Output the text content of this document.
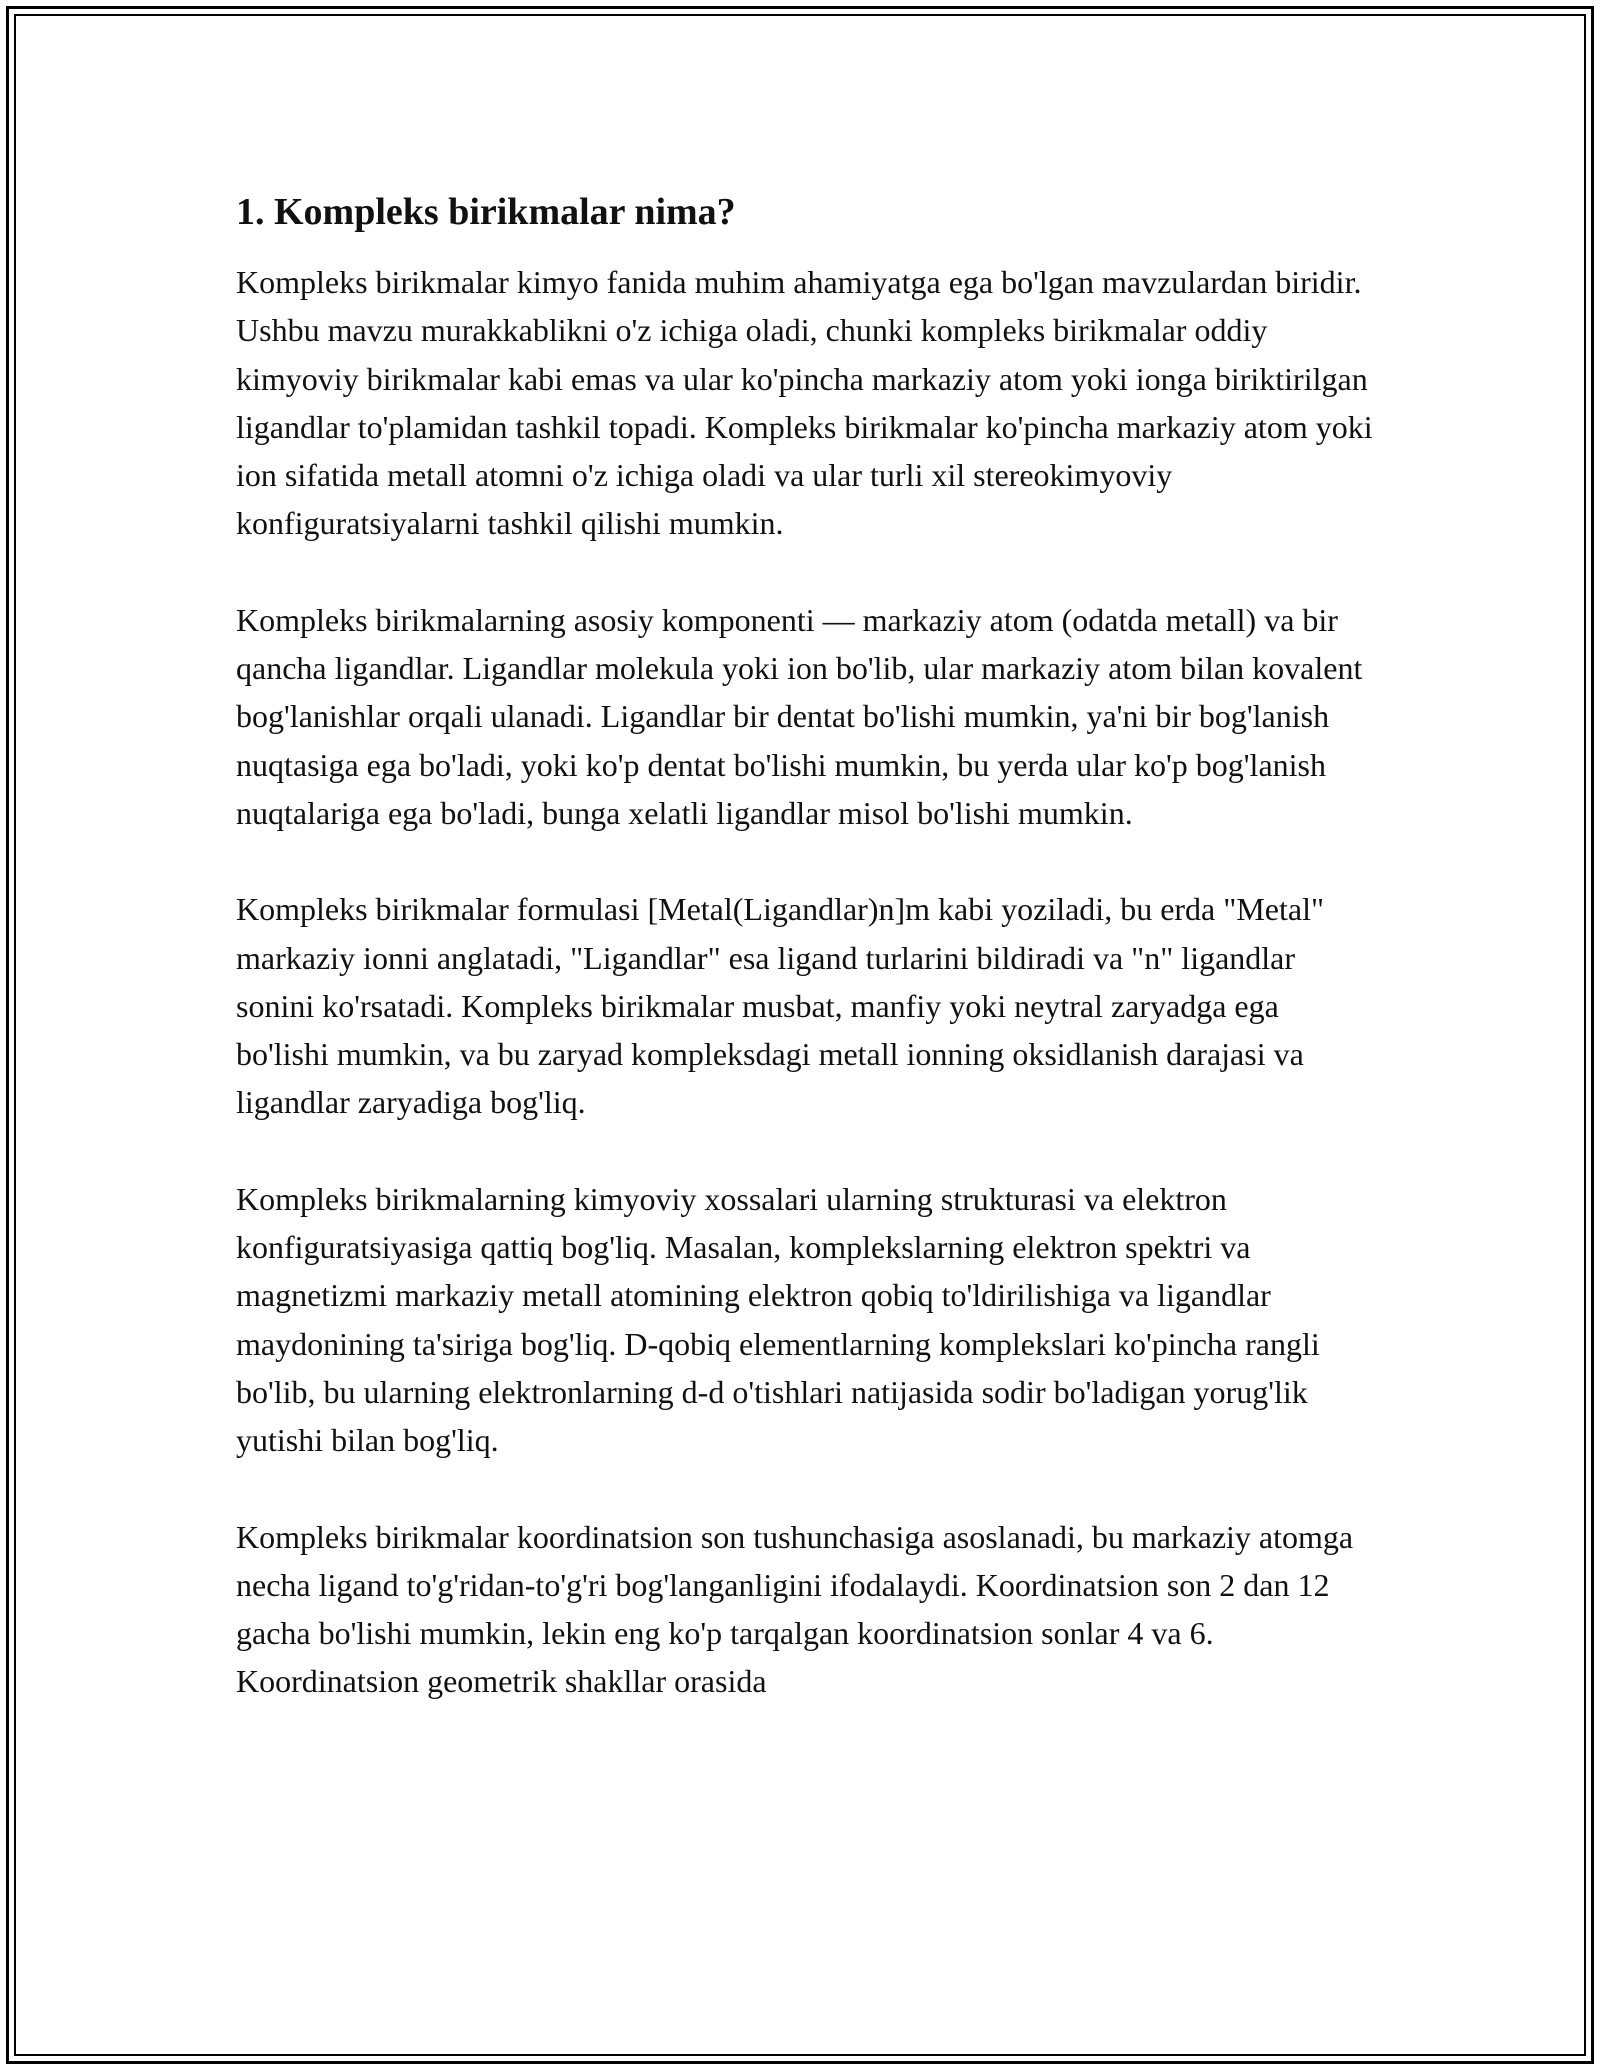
1. Kompleks birikmalar nima?

Kompleks birikmalar kimyo fanida muhim ahamiyatga ega bo'lgan mavzulardan biridir. Ushbu mavzu murakkablikni o'z ichiga oladi, chunki kompleks birikmalar oddiy kimyoviy birikmalar kabi emas va ular ko'pincha markaziy atom yoki ionga biriktirilgan ligandlar to'plamidan tashkil topadi. Kompleks birikmalar ko'pincha markaziy atom yoki ion sifatida metall atomni o'z ichiga oladi va ular turli xil stereokimyoviy konfiguratsiyalarni tashkil qilishi mumkin.

Kompleks birikmalarning asosiy komponenti — markaziy atom (odatda metall) va bir qancha ligandlar. Ligandlar molekula yoki ion bo'lib, ular markaziy atom bilan kovalent bog'lanishlar orqali ulanadi. Ligandlar bir dentat bo'lishi mumkin, ya'ni bir bog'lanish nuqtasiga ega bo'ladi, yoki ko'p dentat bo'lishi mumkin, bu yerda ular ko'p bog'lanish nuqtalariga ega bo'ladi, bunga xelatli ligandlar misol bo'lishi mumkin.

Kompleks birikmalar formulasi [Metal(Ligandlar)n]m kabi yoziladi, bu erda "Metal" markaziy ionni anglatadi, "Ligandlar" esa ligand turlarini bildiradi va "n" ligandlar sonini ko'rsatadi. Kompleks birikmalar musbat, manfiy yoki neytral zaryadga ega bo'lishi mumkin, va bu zaryad kompleksdagi metall ionning oksidlanish darajasi va ligandlar zaryadiga bog'liq.

Kompleks birikmalarning kimyoviy xossalari ularning strukturasi va elektron konfiguratsiyasiga qattiq bog'liq. Masalan, komplekslarning elektron spektri va magnetizmi markaziy metall atomining elektron qobiq to'ldirilishiga va ligandlar maydonining ta'siriga bog'liq. D-qobiq elementlarning komplekslari ko'pincha rangli bo'lib, bu ularning elektronlarning d-d o'tishlari natijasida sodir bo'ladigan yorug'lik yutishi bilan bog'liq.

Kompleks birikmalar koordinatsion son tushunchasiga asoslanadi, bu markaziy atomga necha ligand to'g'ridan-to'g'ri bog'langanligini ifodalaydi. Koordinatsion son 2 dan 12 gacha bo'lishi mumkin, lekin eng ko'p tarqalgan koordinatsion sonlar 4 va 6. Koordinatsion geometrik shakllar orasida
